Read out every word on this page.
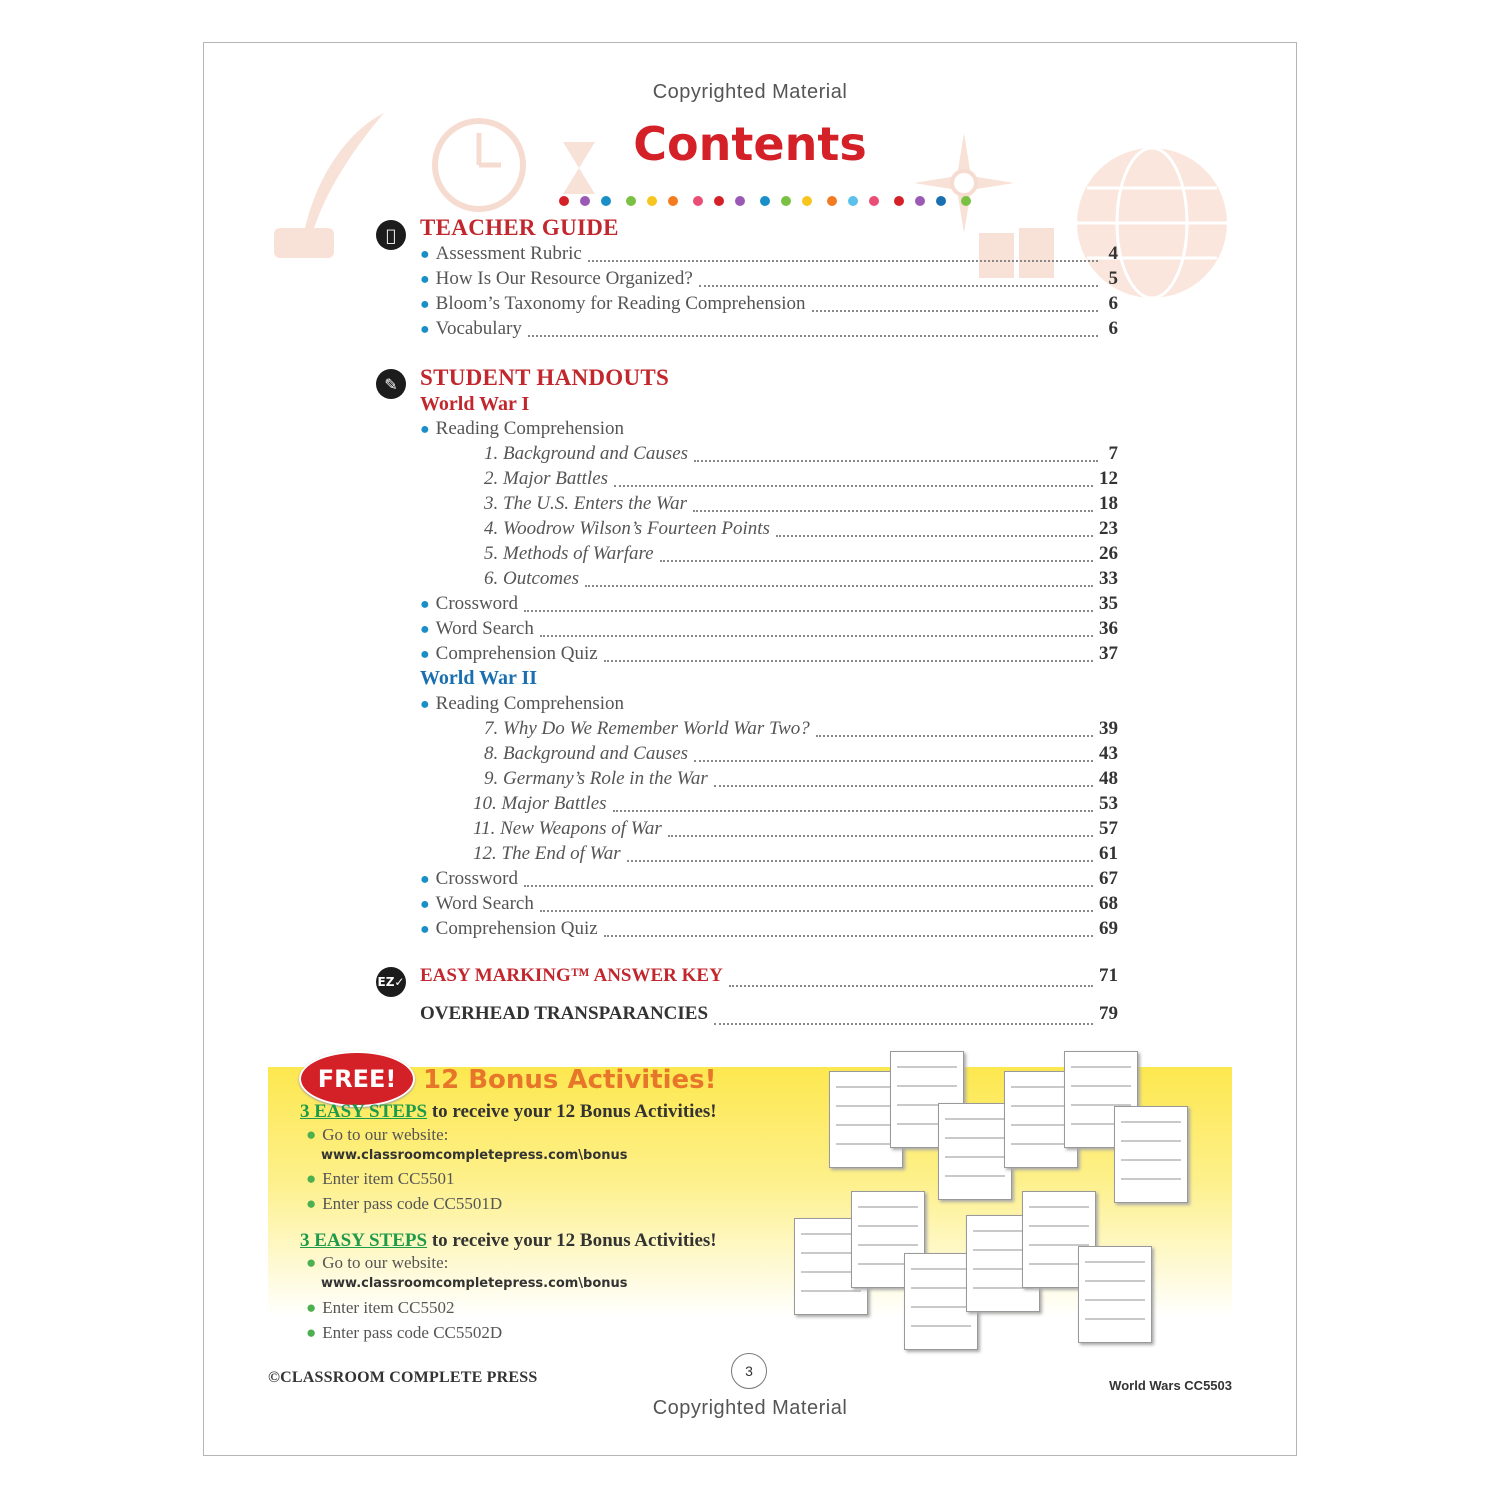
Copyrighted Material
Contents

TEACHER GUIDE
● Assessment Rubric	4
● How Is Our Resource Organized?	5
● Bloom’s Taxonomy for Reading Comprehension	6
● Vocabulary	6
✎ STUDENT HANDOUTS
World War I
● Reading Comprehension
1. Background and Causes	7
2. Major Battles	12
3. The U.S. Enters the War	18
4. Woodrow Wilson’s Fourteen Points	23
5. Methods of Warfare	26
6. Outcomes	33
● Crossword	35
● Word Search	36
● Comprehension Quiz	37
World War II
● Reading Comprehension
7. Why Do We Remember World War Two?	39
8. Background and Causes	43
9. Germany’s Role in the War	48
10. Major Battles	53
11. New Weapons of War	57
12. The End of War	61
● Crossword	67
● Word Search	68
● Comprehension Quiz	69
EZ✓ EASY MARKING™ ANSWER KEY	71
OVERHEAD TRANSPARANCIES	79
FREE!	12 Bonus Activities!
3 EASY STEPS to receive your 12 Bonus Activities!
● Go to our website:
www.classroomcompletepress.com\bonus
● Enter item CC5501
● Enter pass code CC5501D
3 EASY STEPS to receive your 12 Bonus Activities!
● Go to our website:
www.classroomcompletepress.com\bonus
● Enter item CC5502
● Enter pass code CC5502D
©CLASSROOM COMPLETE PRESS	3
World Wars CC5503
Copyrighted Material
